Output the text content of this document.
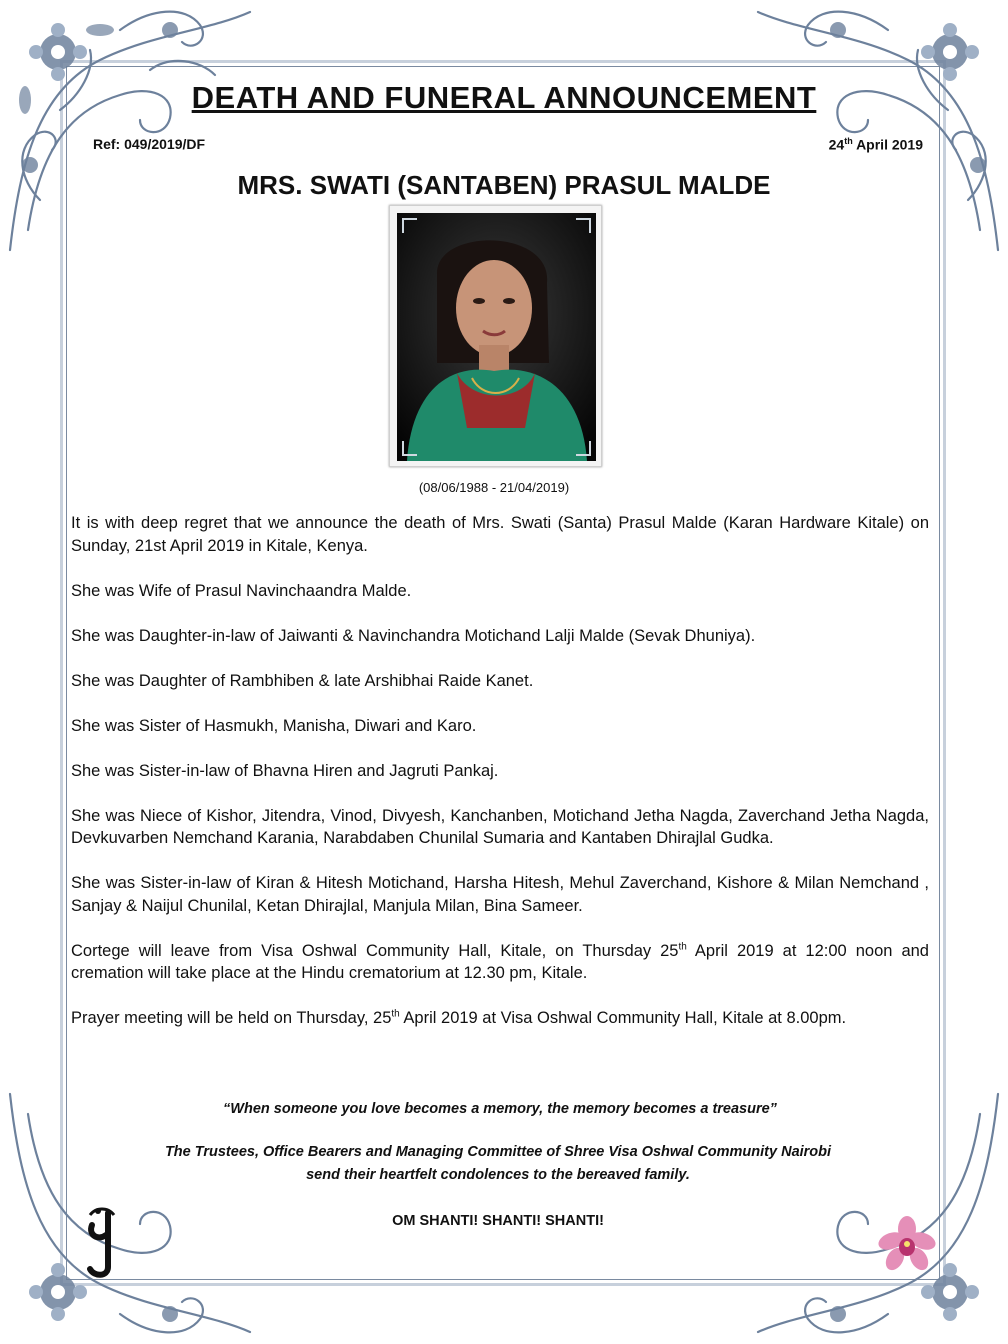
DEATH AND FUNERAL ANNOUNCEMENT
Ref: 049/2019/DF	24th April 2019
MRS. SWATI (SANTABEN) PRASUL MALDE
(08/06/1988 - 21/04/2019)

It is with deep regret that we announce the death of Mrs. Swati (Santa) Prasul Malde (Karan Hardware Kitale) on Sunday, 21st April 2019 in Kitale, Kenya.

She was Wife of Prasul Navinchaandra Malde.

She was Daughter-in-law of Jaiwanti & Navinchandra Motichand Lalji Malde (Sevak Dhuniya).

She was Daughter of Rambhiben & late Arshibhai Raide Kanet.

She was Sister of Hasmukh, Manisha, Diwari and Karo.

She was Sister-in-law of Bhavna Hiren and Jagruti Pankaj.

She was Niece of Kishor, Jitendra, Vinod, Divyesh, Kanchanben, Motichand Jetha Nagda, Zaverchand Jetha Nagda, Devkuvarben Nemchand Karania, Narabdaben Chunilal Sumaria and Kantaben Dhirajlal Gudka.

She was Sister-in-law of Kiran & Hitesh Motichand, Harsha Hitesh, Mehul Zaverchand, Kishore & Milan Nemchand , Sanjay & Naijul Chunilal, Ketan Dhirajlal, Manjula Milan, Bina Sameer.

Cortege will leave from Visa Oshwal Community Hall, Kitale, on Thursday 25th April 2019 at 12:00 noon and cremation will take place at the Hindu crematorium at 12.30 pm, Kitale.

Prayer meeting will be held on Thursday, 25th April 2019 at Visa Oshwal Community Hall, Kitale at 8.00pm.

“When someone you love becomes a memory, the memory becomes a treasure”
The Trustees, Office Bearers and Managing Committee of Shree Visa Oshwal Community Nairobi
send their heartfelt condolences to the bereaved family.
OM SHANTI! SHANTI! SHANTI!
